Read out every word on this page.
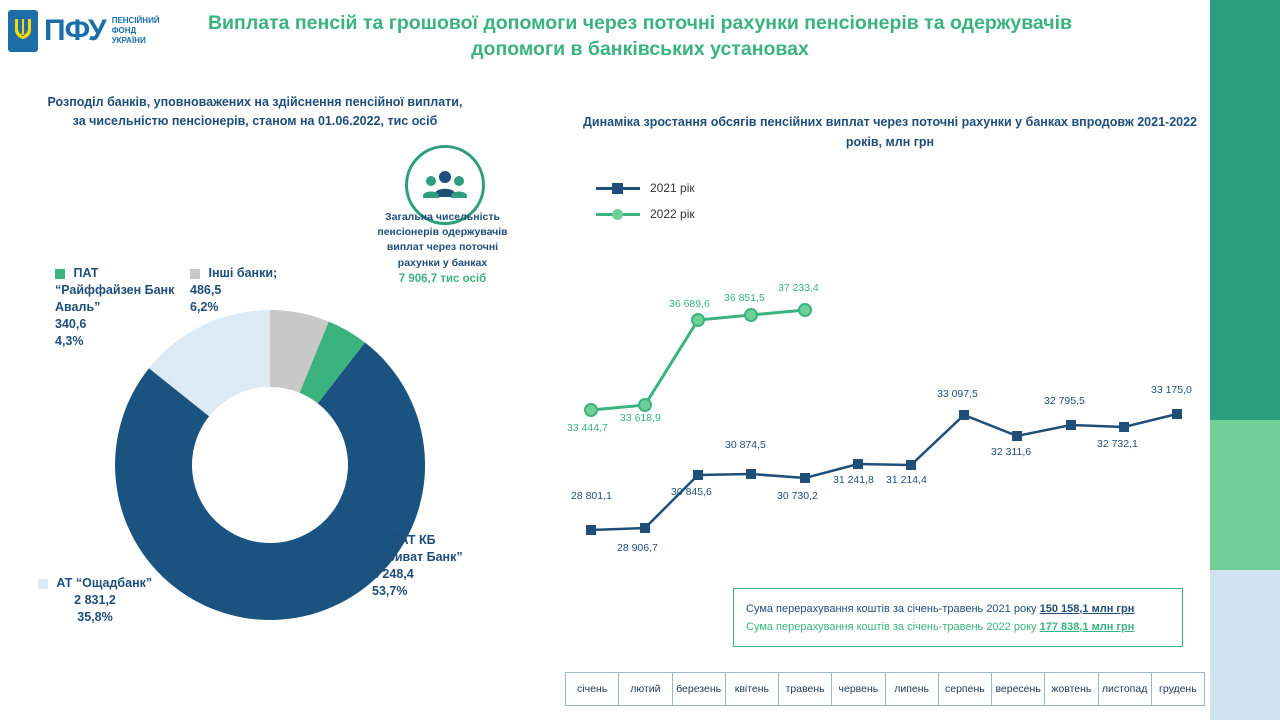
ПФУ ПЕНСІЙНИЙ
ФОНД
УКРАЇНИ
Виплата пенсій та грошової допомоги через поточні рахунки пенсіонерів та одержувачів допомоги в банківських установах
Розподіл банків, уповноважених на здійснення пенсійної виплати, за чисельністю пенсіонерів, станом на 01.06.2022, тис осіб
Загальна чисельність пенсіонерів одержувачів виплат через поточні рахунки у банках
7 906,7 тис осіб
ПАТ “Райффайзен Банк Аваль”
340,6
4,3%
Інші банки;
486,5
6,2%
АТ “Ощадбанк”
2 831,2
35,8%
ПАТ КБ “Приват Банк”
4 248,4
53,7%
Динаміка зростання обсягів пенсійних виплат через поточні рахунки у банках впродовж 2021-2022 років, млн грн
2021 рік
2022 рік
28 801,1
28 906,7
30 845,6
30 874,5
30 730,2
31 241,8 31 214,4
33 097,5
32 311,6
32 795,5
32 732,1
33 175,0
33 444,7
33 618,9
36 689,6 36 851,5
37 233,4
Сума перерахування коштів за січень-травень 2021 року 150 158,1 млн грн
Сума перерахування коштів за січень-травень 2022 року 177 838,1 млн грн
січень	лютий	березень	квітень	травень	червень	липень	серпень	вересень	жовтень	листопад	грудень
